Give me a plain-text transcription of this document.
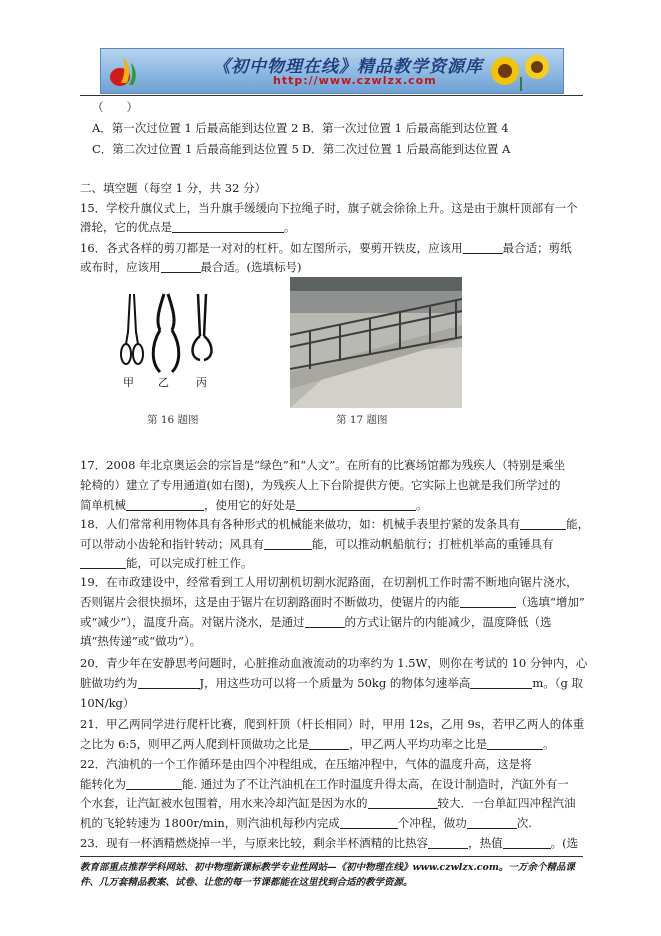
《初中物理在线》精品教学资源库
http://www.czwlzx.com
（　　）
A．第一次过位置 1 后最高能到达位置 2 B．第一次过位置 1 后最高能到达位置 4
C．第二次过位置 1 后最高能到达位置 5 D．第二次过位置 1 后最高能到达位置 A
二、填空题（每空 1 分，共 32 分）
15．学校升旗仪式上，当升旗手缓缓向下拉绳子时，旗子就会徐徐上升。这是由于旗杆顶部有一个
滑轮，它的优点是	。
16．各式各样的剪刀都是一对对的杠杆。如左图所示，要剪开铁皮，应该用	最合适；剪纸
或布时，应该用	最合适。(选填标号)
甲 乙 丙
第 16 题图	第 17 题图
17．2008 年北京奥运会的宗旨是“绿色”和“人文”。在所有的比赛场馆都为残疾人（特别是乘坐
轮椅的）建立了专用通道(如右图)，为残疾人上下台阶提供方便。它实际上也就是我们所学过的
简单机械	，使用它的好处是	。
18．人们常常利用物体具有各种形式的机械能来做功，如：机械手表里拧紧的发条具有	能，
可以带动小齿轮和指针转动；风具有	能，可以推动帆船航行；打桩机举高的重锤具有
能，可以完成打桩工作。
19．在市政建设中，经常看到工人用切割机切割水泥路面，在切割机工作时需不断地向锯片浇水，
否则锯片会很快损坏，这是由于锯片在切割路面时不断做功，使锯片的内能	（选填“增加”
或“减少”），温度升高。对锯片浇水，是通过	的方式让锯片的内能减少，温度降低（选
填“热传递”或“做功”）。
20．青少年在安静思考问题时，心脏推动血液流动的功率约为 1.5W，则你在考试的 10 分钟内，心
脏做功约为	J，用这些功可以将一个质量为 50kg 的物体匀速举高	m。（g 取
10N/kg）
21．甲乙两同学进行爬杆比赛，爬到杆顶（杆长相同）时，甲用 12s，乙用 9s，若甲乙两人的体重
之比为 6:5，则甲乙两人爬到杆顶做功之比是	，甲乙两人平均功率之比是	。
22．汽油机的一个工作循环是由四个冲程组成，在压缩冲程中，气体的温度升高，这是将
能转化为	能. 通过为了不让汽油机在工作时温度升得太高，在设计制造时，汽缸外有一
个水套，让汽缸被水包围着，用水来冷却汽缸是因为水的	较大．一台单缸四冲程汽油
机的飞轮转速为 1800r/min，则汽油机每秒内完成	个冲程，做功	次.
23．现有一杯酒精燃烧掉一半，与原来比较，剩余半杯酒精的比热容	，热值	。(选
教育部重点推荐学科网站、初中物理新课标教学专业性网站—《初中物理在线》www.czwlzx.com。一万余个精品课
件、几万套精品教案、试卷、让您的每一节课都能在这里找到合适的教学资源。
